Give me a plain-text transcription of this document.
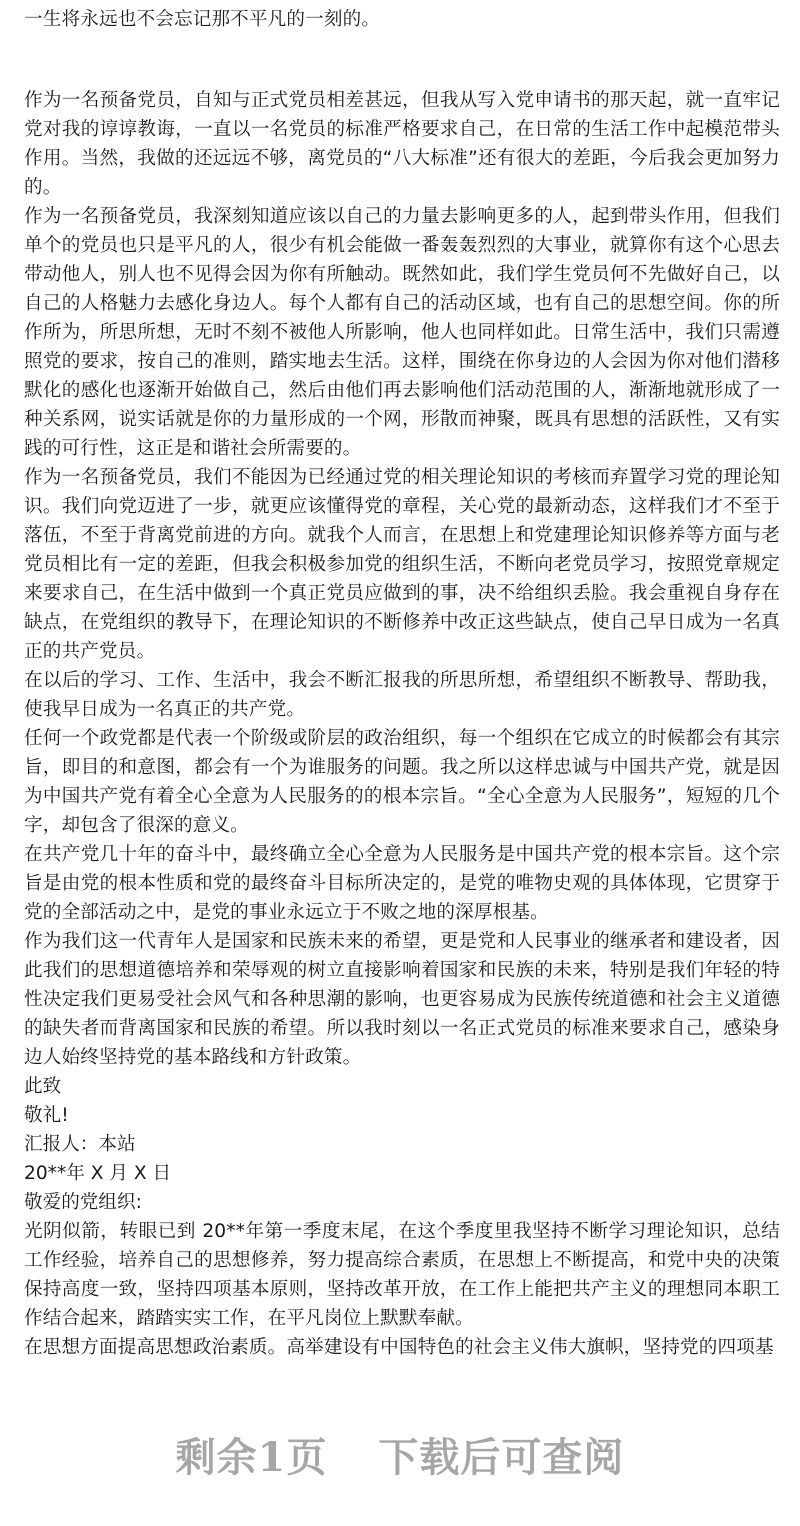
一生将永远也不会忘记那不平凡的一刻的。

作为一名预备党员，自知与正式党员相差甚远，但我从写入党申请书的那天起，就一直牢记党对我的谆谆教诲，一直以一名党员的标准严格要求自己，在日常的生活工作中起模范带头作用。当然，我做的还远远不够，离党员的“八大标准”还有很大的差距，今后我会更加努力的。

作为一名预备党员，我深刻知道应该以自己的力量去影响更多的人，起到带头作用，但我们单个的党员也只是平凡的人，很少有机会能做一番轰轰烈烈的大事业，就算你有这个心思去带动他人，别人也不见得会因为你有所触动。既然如此，我们学生党员何不先做好自己，以自己的人格魅力去感化身边人。每个人都有自己的活动区域，也有自己的思想空间。你的所作所为，所思所想，无时不刻不被他人所影响，他人也同样如此。日常生活中，我们只需遵照党的要求，按自己的准则，踏实地去生活。这样，围绕在你身边的人会因为你对他们潜移默化的感化也逐渐开始做自己，然后由他们再去影响他们活动范围的人，渐渐地就形成了一种关系网，说实话就是你的力量形成的一个网，形散而神聚，既具有思想的活跃性，又有实践的可行性，这正是和谐社会所需要的。

作为一名预备党员，我们不能因为已经通过党的相关理论知识的考核而弃置学习党的理论知识。我们向党迈进了一步，就更应该懂得党的章程，关心党的最新动态，这样我们才不至于落伍，不至于背离党前进的方向。就我个人而言，在思想上和党建理论知识修养等方面与老党员相比有一定的差距，但我会积极参加党的组织生活，不断向老党员学习，按照党章规定来要求自己，在生活中做到一个真正党员应做到的事，决不给组织丢脸。我会重视自身存在缺点，在党组织的教导下，在理论知识的不断修养中改正这些缺点，使自己早日成为一名真正的共产党员。

在以后的学习、工作、生活中，我会不断汇报我的所思所想，希望组织不断教导、帮助我，使我早日成为一名真正的共产党。

任何一个政党都是代表一个阶级或阶层的政治组织，每一个组织在它成立的时候都会有其宗旨，即目的和意图，都会有一个为谁服务的问题。我之所以这样忠诚与中国共产党，就是因为中国共产党有着全心全意为人民服务的的根本宗旨。“全心全意为人民服务”，短短的几个字，却包含了很深的意义。

在共产党几十年的奋斗中，最终确立全心全意为人民服务是中国共产党的根本宗旨。这个宗旨是由党的根本性质和党的最终奋斗目标所决定的，是党的唯物史观的具体体现，它贯穿于党的全部活动之中，是党的事业永远立于不败之地的深厚根基。

作为我们这一代青年人是国家和民族未来的希望，更是党和人民事业的继承者和建设者，因此我们的思想道德培养和荣辱观的树立直接影响着国家和民族的未来，特别是我们年轻的特性决定我们更易受社会风气和各种思潮的影响，也更容易成为民族传统道德和社会主义道德的缺失者而背离国家和民族的希望。所以我时刻以一名正式党员的标准来要求自己，感染身边人始终坚持党的基本路线和方针政策。

此致

敬礼!

汇报人：本站

20**年 X 月 X 日

敬爱的党组织:

光阴似箭，转眼已到 20**年第一季度末尾，在这个季度里我坚持不断学习理论知识，总结工作经验，培养自己的思想修养，努力提高综合素质，在思想上不断提高，和党中央的决策保持高度一致，坚持四项基本原则，坚持改革开放，在工作上能把共产主义的理想同本职工作结合起来，踏踏实实工作，在平凡岗位上默默奉献。

在思想方面提高思想政治素质。高举建设有中国特色的社会主义伟大旗帜，坚持党的四项基

剩余1页 下载后可查阅
